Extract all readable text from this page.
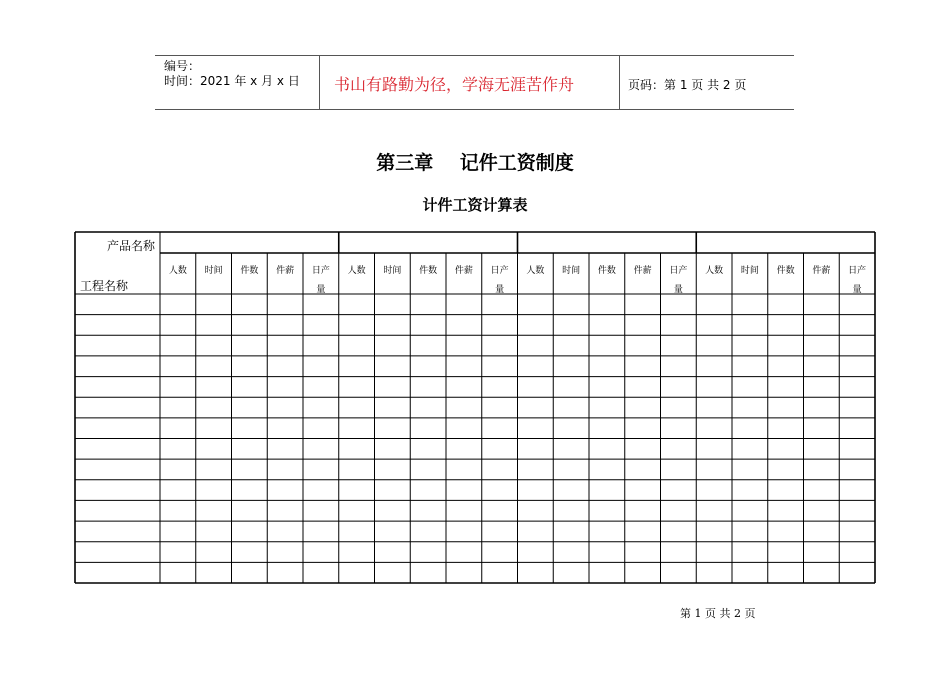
编号：
时间：2021 年 x 月 x 日 书山有路勤为径，学海无涯苦作舟	页码：第 1 页 共 2 页
第三章    记件工资制度
计件工资计算表
产品名称
工程名称
人数 时间 件数 件薪 日产
量
人数 时间 件数 件薪 日产
量
人数 时间 件数 件薪 日产
量
人数 时间 件数 件薪 日产
量
第 1 页 共 2 页
